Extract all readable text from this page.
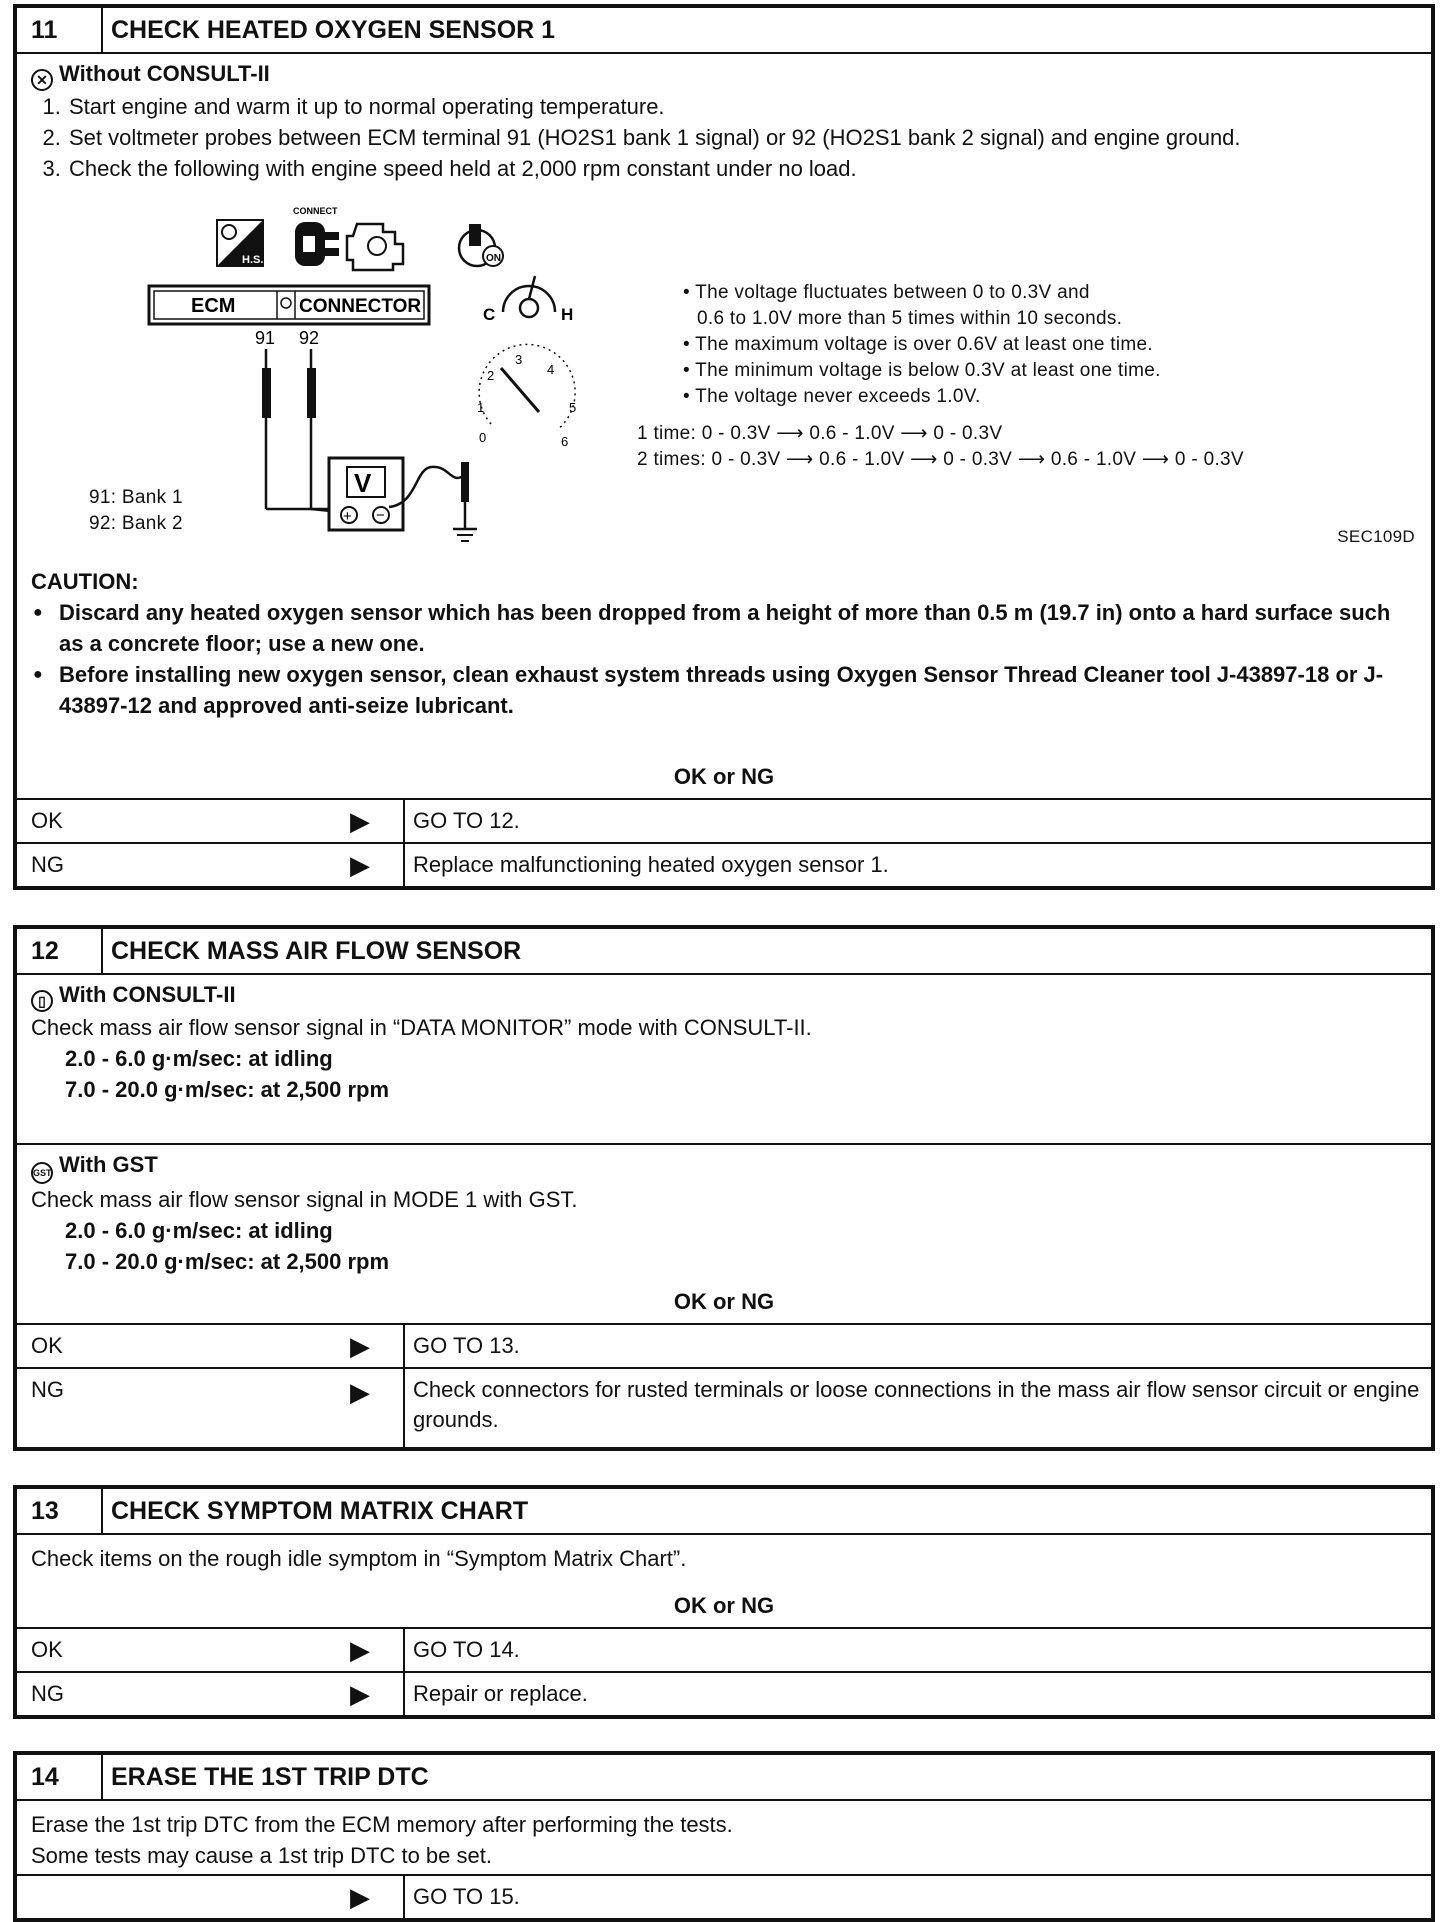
11	CHECK HEATED OXYGEN SENSOR 1
✕ Without CONSULT-II
1. Start engine and warm it up to normal operating temperature.
2. Set voltmeter probes between ECM terminal 91 (HO2S1 bank 1 signal) or 92 (HO2S1 bank 2 signal) and engine ground.
3. Check the following with engine speed held at 2,000 rpm constant under no load.
H.S.
CONNECT
ON
ECM	CONNECTOR
91 92
V
+ −
C	H
0
1
2
3
4
5
6
91: Bank 1
92: Bank 2
• The voltage fluctuates between 0 to 0.3V and
0.6 to 1.0V more than 5 times within 10 seconds.
• The maximum voltage is over 0.6V at least one time.
• The minimum voltage is below 0.3V at least one time.
• The voltage never exceeds 1.0V.
1 time: 0 - 0.3V ⟶ 0.6 - 1.0V ⟶ 0 - 0.3V
2 times: 0 - 0.3V ⟶ 0.6 - 1.0V ⟶ 0 - 0.3V ⟶ 0.6 - 1.0V ⟶ 0 - 0.3V
SEC109D
CAUTION:
● Discard any heated oxygen sensor which has been dropped from a height of more than 0.5 m (19.7 in) onto a hard surface such as a concrete floor; use a new one.
● Before installing new oxygen sensor, clean exhaust system threads using Oxygen Sensor Thread Cleaner tool J-43897-18 or J-43897-12 and approved anti-seize lubricant.
OK or NG
OK	▶	GO TO 12.
NG	▶	Replace malfunctioning heated oxygen sensor 1.
12	CHECK MASS AIR FLOW SENSOR
▯ With CONSULT-II
Check mass air flow sensor signal in “DATA MONITOR” mode with CONSULT-II.
2.0 - 6.0 g·m/sec: at idling
7.0 - 20.0 g·m/sec: at 2,500 rpm
GST With GST
Check mass air flow sensor signal in MODE 1 with GST.
2.0 - 6.0 g·m/sec: at idling
7.0 - 20.0 g·m/sec: at 2,500 rpm
OK or NG
OK	▶	GO TO 13.
NG	▶	Check connectors for rusted terminals or loose connections in the mass air flow sensor circuit or engine grounds.
13	CHECK SYMPTOM MATRIX CHART
Check items on the rough idle symptom in “Symptom Matrix Chart”.
OK or NG
OK	▶	GO TO 14.
NG	▶	Repair or replace.
14	ERASE THE 1ST TRIP DTC
Erase the 1st trip DTC from the ECM memory after performing the tests.
Some tests may cause a 1st trip DTC to be set.
▶	GO TO 15.
